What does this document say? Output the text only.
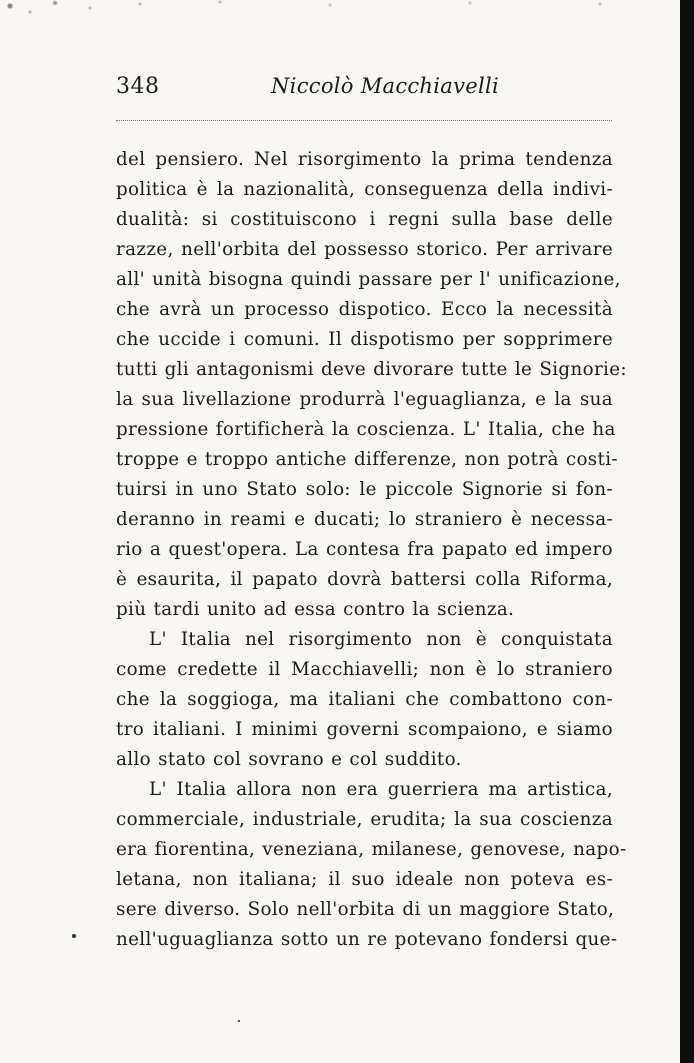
348	Niccolò Macchiavelli
del pensiero. Nel risorgimento la prima tendenza
politica è la nazionalità, conseguenza della indivi-
dualità: si costituiscono i regni sulla base delle
razze, nell'orbita del possesso storico. Per arrivare
all' unità bisogna quindi passare per l' unificazione,
che avrà un processo dispotico. Ecco la necessità
che uccide i comuni. Il dispotismo per sopprimere
tutti gli antagonismi deve divorare tutte le Signorie:
la sua livellazione produrrà l'eguaglianza, e la sua
pressione fortificherà la coscienza. L' Italia, che ha
troppe e troppo antiche differenze, non potrà costi-
tuirsi in uno Stato solo: le piccole Signorie si fon-
deranno in reami e ducati; lo straniero è necessa-
rio a quest'opera. La contesa fra papato ed impero
è esaurita, il papato dovrà battersi colla Riforma,
più tardi unito ad essa contro la scienza.
L' Italia nel risorgimento non è conquistata
come credette il Macchiavelli; non è lo straniero
che la soggioga, ma italiani che combattono con-
tro italiani. I minimi governi scompaiono, e siamo
allo stato col sovrano e col suddito.
L' Italia allora non era guerriera ma artistica,
commerciale, industriale, erudita; la sua coscienza
era fiorentina, veneziana, milanese, genovese, napo-
letana, non italiana; il suo ideale non poteva es-
sere diverso. Solo nell'orbita di un maggiore Stato,
nell'uguaglianza sotto un re potevano fondersi que-
